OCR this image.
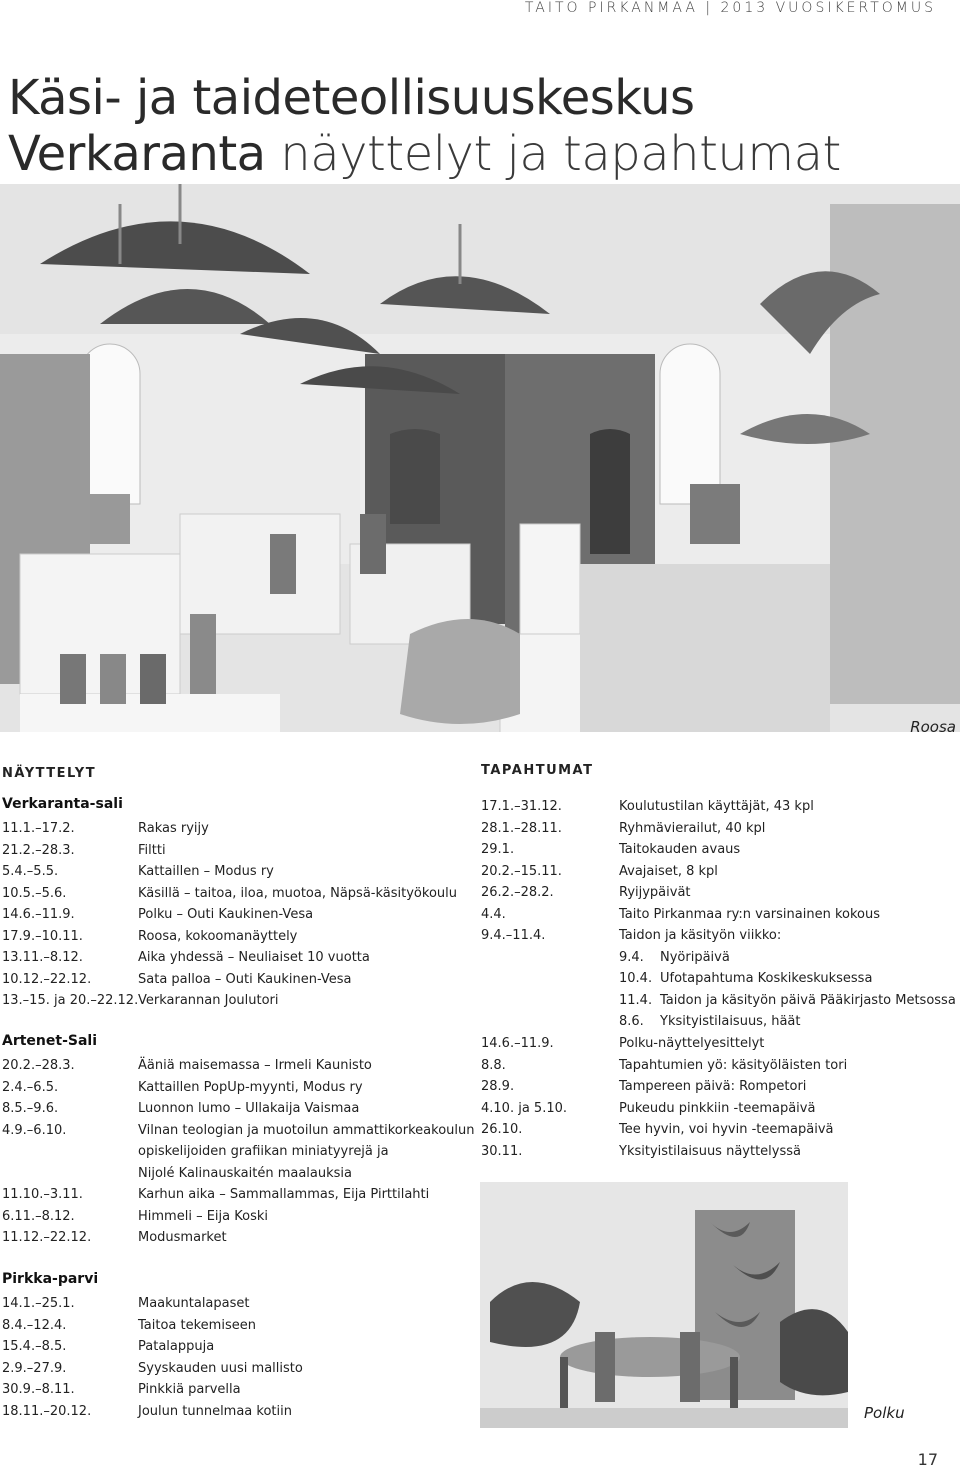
TAITO PIRKANMAA | 2013 VUOSIKERTOMUS
Käsi- ja taideteollisuuskeskus
Verkaranta näyttelyt ja tapahtumat
Roosa
NÄYTTELYT
Verkaranta-sali
11.1.–17.2.	Rakas ryijy
21.2.–28.3.	Filtti
5.4.–5.5.	Kattaillen – Modus ry
10.5.–5.6.	Käsillä – taitoa, iloa, muotoa, Näpsä-käsityökoulu
14.6.–11.9.	Polku – Outi Kaukinen-Vesa
17.9.–10.11.	Roosa, kokoomanäyttely
13.11.–8.12.	Aika yhdessä – Neuliaiset 10 vuotta
10.12.–22.12.	Sata palloa – Outi Kaukinen-Vesa
13.–15. ja 20.–22.12. Verkarannan Joulutori
Artenet-Sali
20.2.–28.3.	Ääniä maisemassa – Irmeli Kaunisto
2.4.–6.5.	Kattaillen PopUp-myynti, Modus ry
8.5.–9.6.	Luonnon lumo – Ullakaija Vaismaa
4.9.–6.10.	Vilnan teologian ja muotoilun ammattikorkeakoulun
opiskelijoiden grafiikan miniatyyrejä ja
Nijolé Kalinauskaitén maalauksia
11.10.–3.11.	Karhun aika – Sammallammas, Eija Pirttilahti
6.11.–8.12.	Himmeli – Eija Koski
11.12.–22.12.	Modusmarket
Pirkka-parvi
14.1.–25.1.	Maakuntalapaset
8.4.–12.4.	Taitoa tekemiseen
15.4.–8.5.	Patalappuja
2.9.–27.9.	Syyskauden uusi mallisto
30.9.–8.11.	Pinkkiä parvella
18.11.–20.12.	Joulun tunnelmaa kotiin
TAPAHTUMAT
17.1.–31.12.	Koulutustilan käyttäjät, 43 kpl
28.1.–28.11.	Ryhmävierailut, 40 kpl
29.1.	Taitokauden avaus
20.2.–15.11.	Avajaiset, 8 kpl
26.2.–28.2.	Ryijypäivät
4.4.	Taito Pirkanmaa ry:n varsinainen kokous
9.4.–11.4.	Taidon ja käsityön viikko:
9.4. Nyöripäivä
10.4. Ufotapahtuma Koskikeskuksessa
11.4. Taidon ja käsityön päivä Pääkirjasto Metsossa
8.6. Yksityistilaisuus, häät
14.6.–11.9.	Polku-näyttelyesittelyt
8.8.	Tapahtumien yö: käsityöläisten tori
28.9.	Tampereen päivä: Rompetori
4.10. ja 5.10.	Pukeudu pinkkiin -teemapäivä
26.10.	Tee hyvin, voi hyvin -teemapäivä
30.11.	Yksityistilaisuus näyttelyssä
Polku
17
